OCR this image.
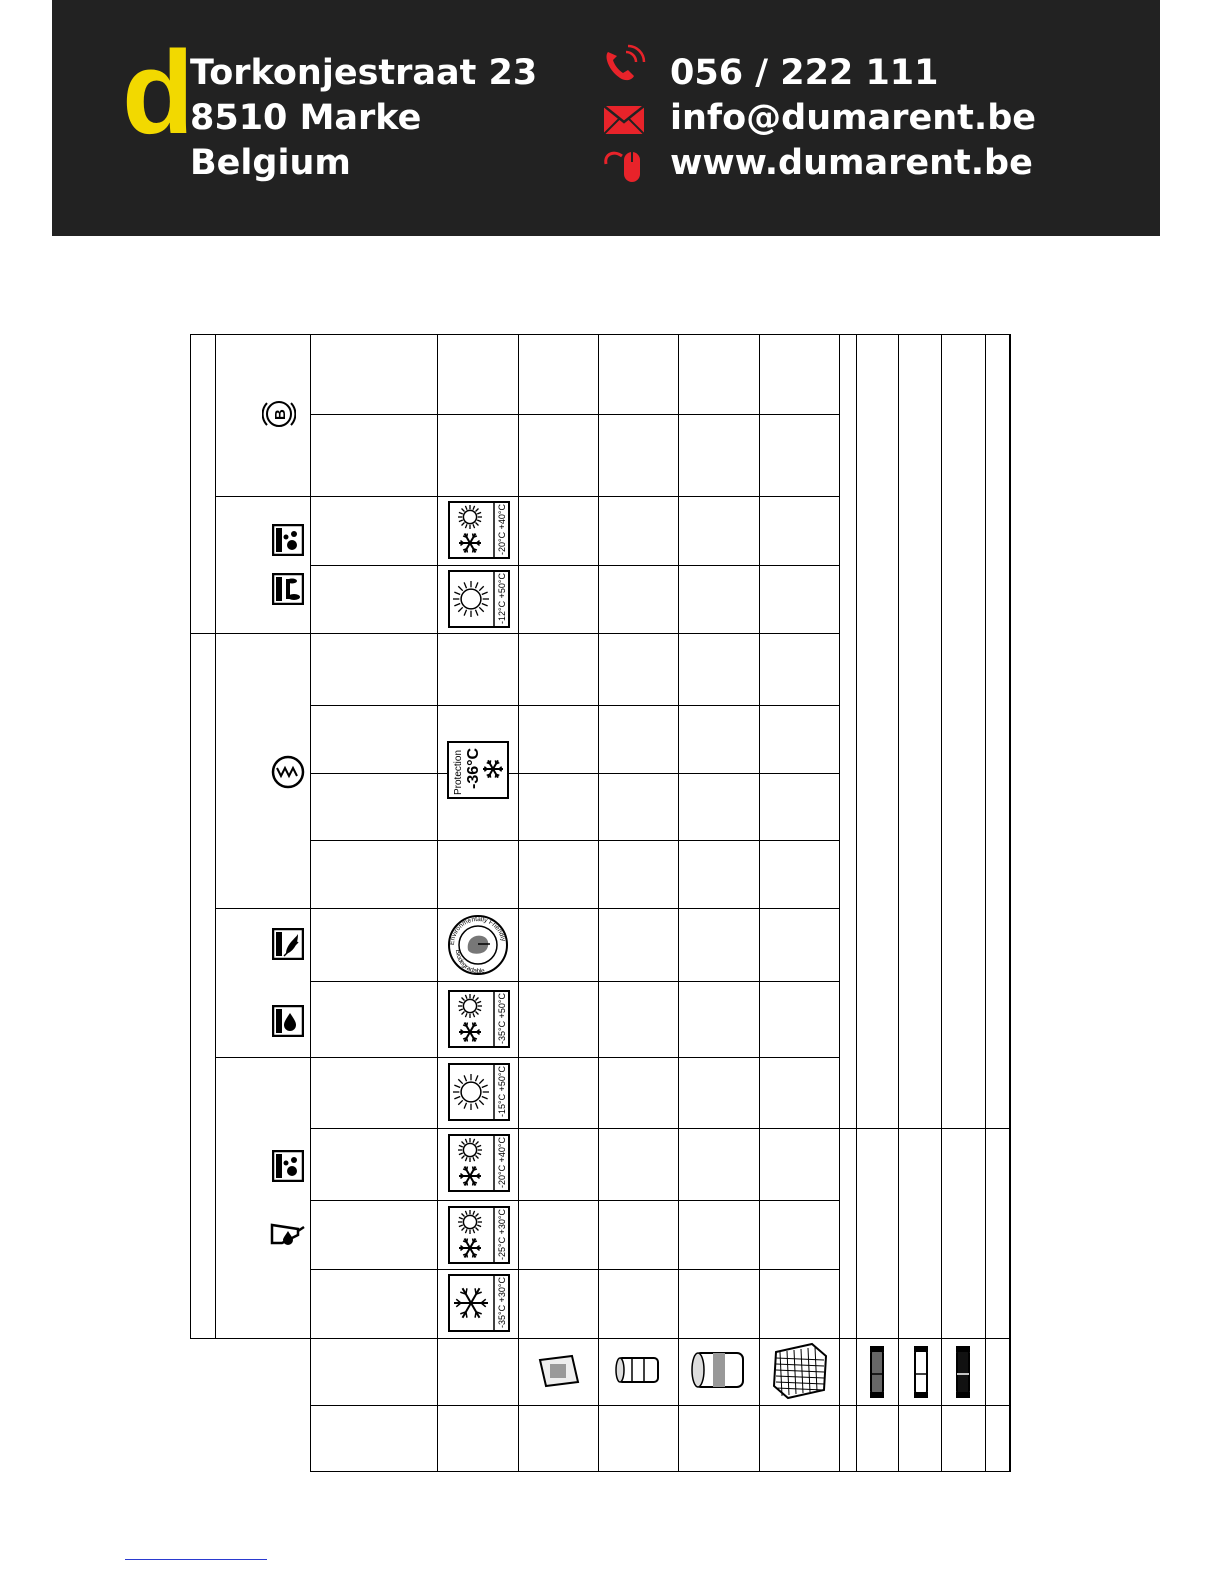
d
Torkonjestraat 23
8510 Marke
Belgium
056 / 222 111
info@dumarent.be
www.dumarent.be
B
-20°C +40°C
-12°C +50°C
-35°C +50°C
-15°C +50°C
-20°C +40°C
-25°C +30°C
-35°C +30°C
Protection -36°C
Environmentally Friendly
Biodegradable
